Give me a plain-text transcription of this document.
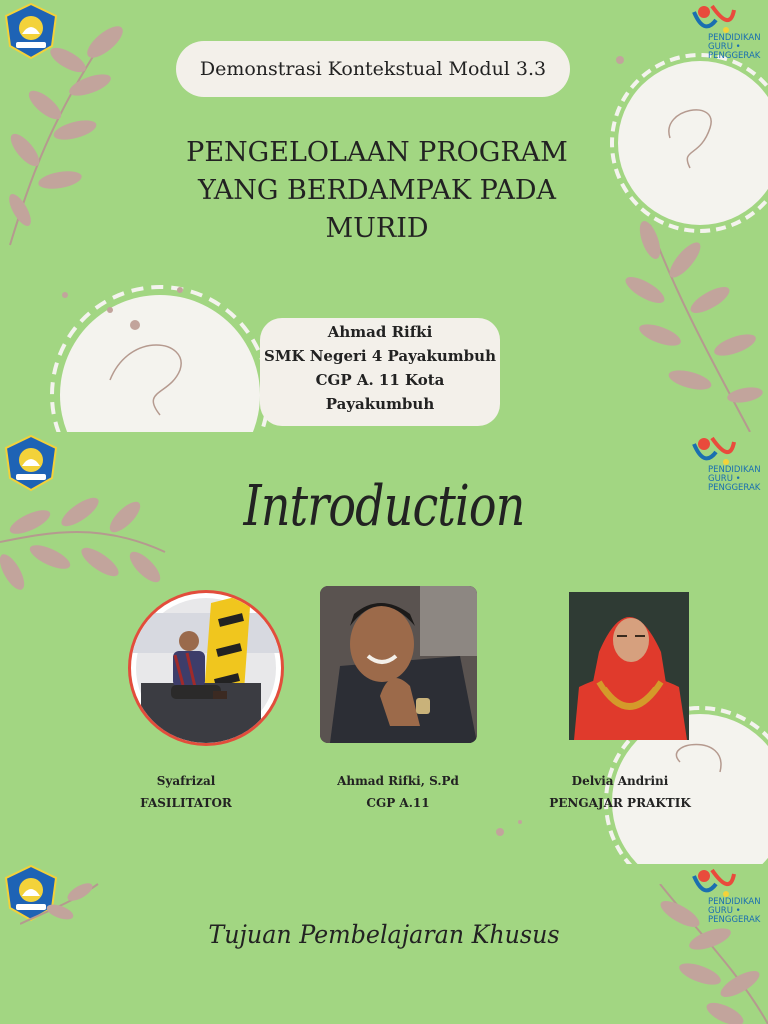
PENDIDIKAN
GURU •
PENGGERAK
Demonstrasi Kontekstual Modul 3.3
PENGELOLAAN PROGRAM
YANG BERDAMPAK PADA
MURID
Ahmad Rifki
SMK Negeri 4 Payakumbuh
CGP A. 11 Kota
Payakumbuh
PENDIDIKAN
GURU •
PENGGERAK
Introduction
Syafrizal
FASILITATOR
Ahmad Rifki, S.Pd
CGP A.11
Delvia Andrini
PENGAJAR PRAKTIK
PENDIDIKAN
GURU •
PENGGERAK
Tujuan Pembelajaran Khusus
